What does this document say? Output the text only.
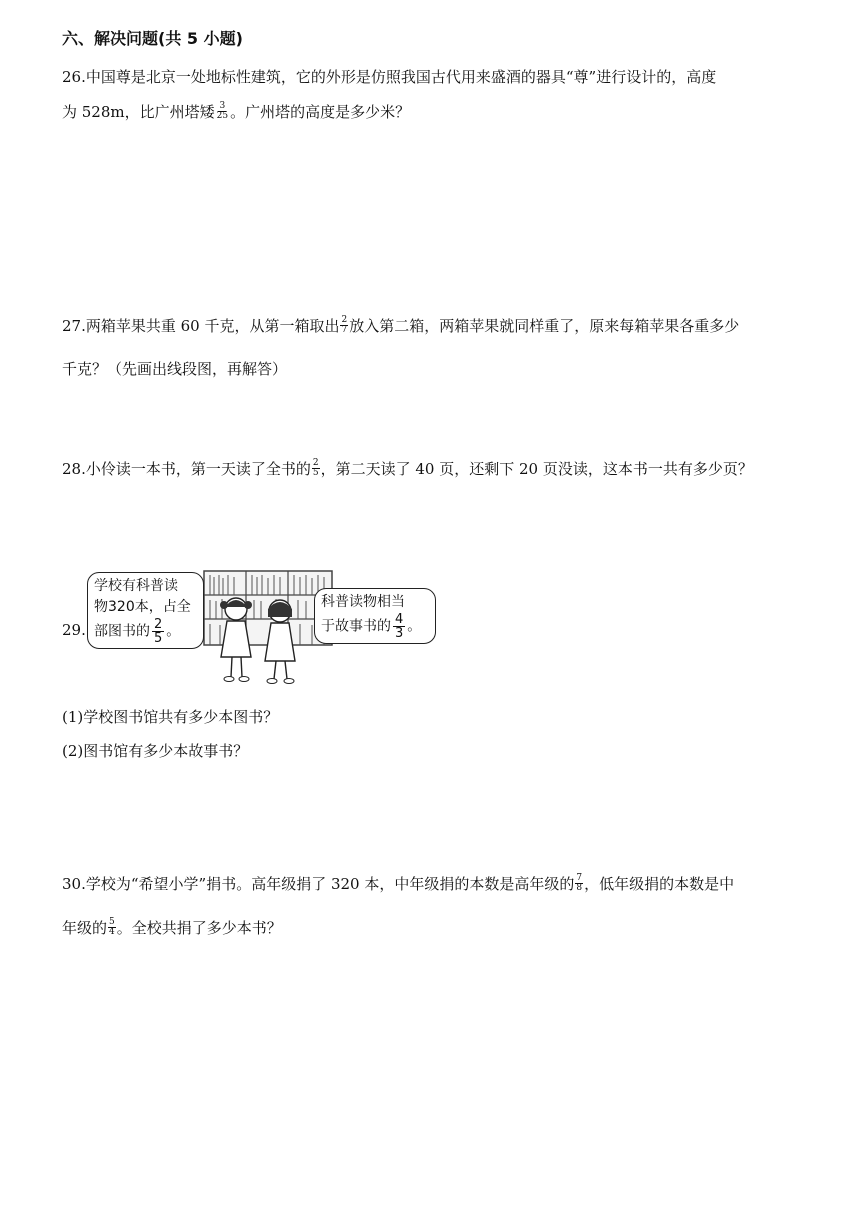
六、解决问题(共 5 小题)
26.中国尊是北京一处地标性建筑，它的外形是仿照我国古代用来盛酒的器具“尊”进行设计的，高度
为 528m，比广州塔矮 $\frac{3}{25}$ 。广州塔的高度是多少米？
27.两箱苹果共重 60 千克，从第一箱取出 $\frac{2}{7}$ 放入第二箱，两箱苹果就同样重了，原来每箱苹果各重多少
千克？（先画出线段图，再解答）
28.小伶读一本书，第一天读了全书的 $\frac{2}{5}$ ，第二天读了 40 页，还剩下 20 页没读，这本书一共有多少页？
29.
学校有科普读
物320本，占全
部图书的 $\frac{2}{5}$ 。
科普读物相当
于故事书的 $\frac{4}{3}$ 。
(1)学校图书馆共有多少本图书？
(2)图书馆有多少本故事书？
30.学校为“希望小学”捐书。高年级捐了 320 本，中年级捐的本数是高年级的 $\frac{7}{8}$ ，低年级捐的本数是中
年级的 $\frac{5}{4}$ 。全校共捐了多少本书？
